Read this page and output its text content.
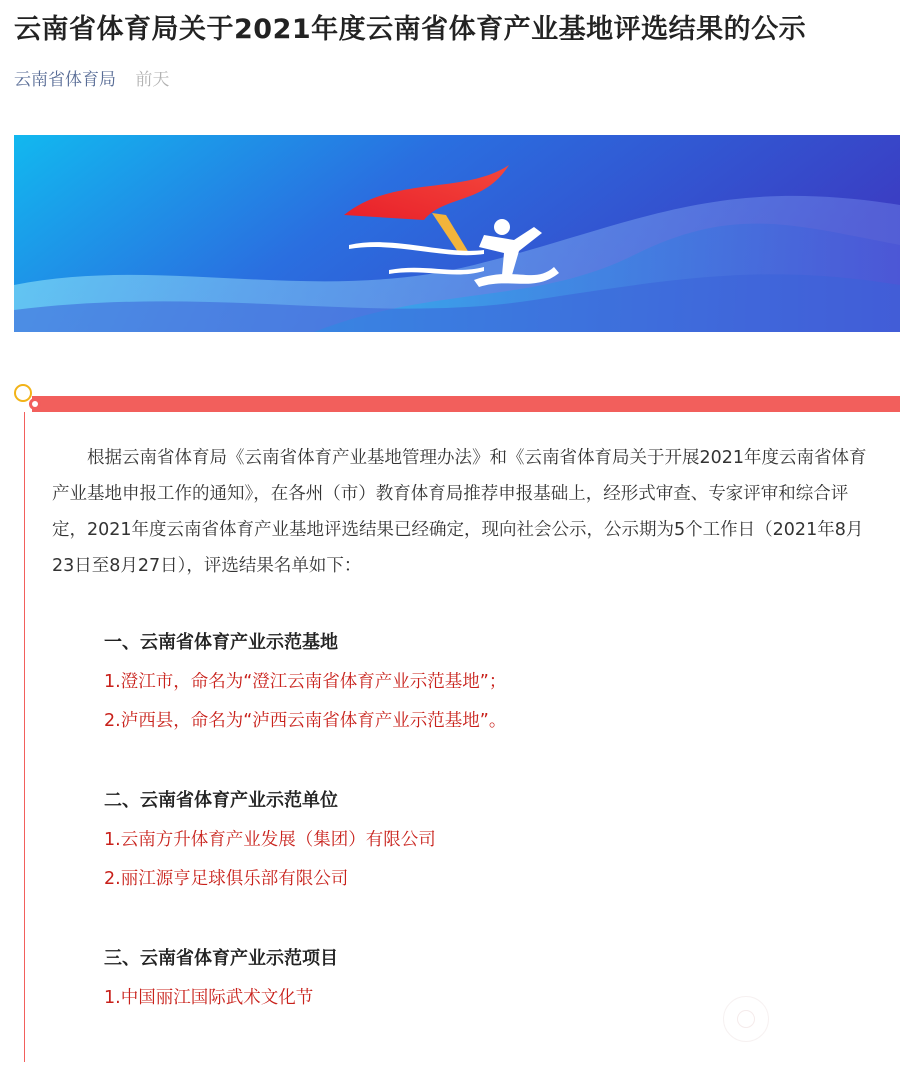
云南省体育局关于2021年度云南省体育产业基地评选结果的公示
云南省体育局 前天

根据云南省体育局《云南省体育产业基地管理办法》和《云南省体育局关于开展2021年度云南省体育产业基地申报工作的通知》，在各州（市）教育体育局推荐申报基础上，经形式审查、专家评审和综合评定，2021年度云南省体育产业基地评选结果已经确定，现向社会公示，公示期为5个工作日（2021年8月23日至8月27日），评选结果名单如下：

一、云南省体育产业示范基地
1.澄江市，命名为“澄江云南省体育产业示范基地”；
2.泸西县，命名为“泸西云南省体育产业示范基地”。
二、云南省体育产业示范单位
1.云南方升体育产业发展（集团）有限公司
2.丽江源亨足球俱乐部有限公司
三、云南省体育产业示范项目
1.中国丽江国际武术文化节
